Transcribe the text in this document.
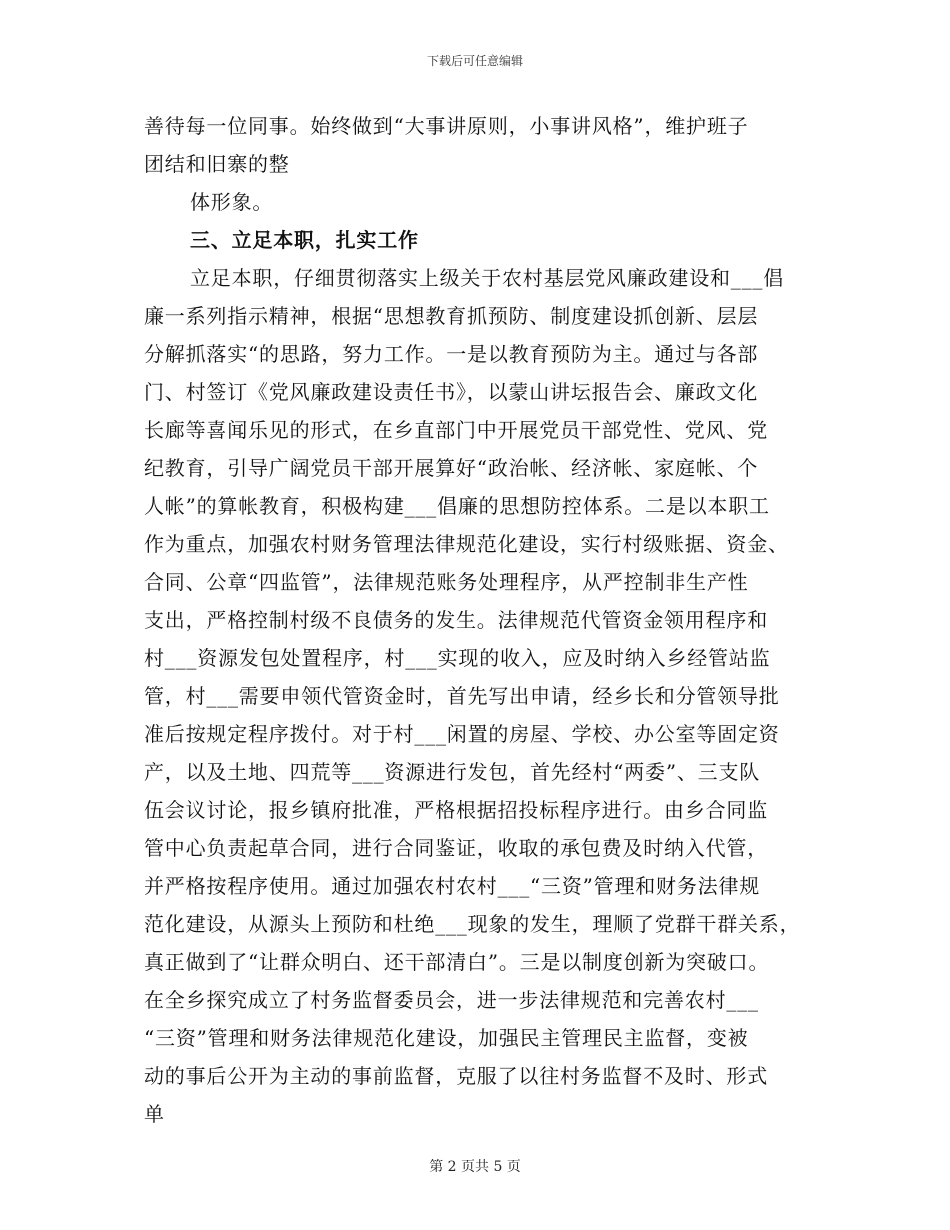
下载后可任意编辑
善待每一位同事。始终做到“大事讲原则，小事讲风格”，维护班子
团结和旧寨的整
体形象。
三、立足本职，扎实工作
立足本职，仔细贯彻落实上级关于农村基层党风廉政建设和___倡
廉一系列指示精神，根据“思想教育抓预防、制度建设抓创新、层层
分解抓落实“的思路，努力工作。一是以教育预防为主。通过与各部
门、村签订《党风廉政建设责任书》，以蒙山讲坛报告会、廉政文化
长廊等喜闻乐见的形式，在乡直部门中开展党员干部党性、党风、党
纪教育，引导广阔党员干部开展算好“政治帐、经济帐、家庭帐、个
人帐”的算帐教育，积极构建___倡廉的思想防控体系。二是以本职工
作为重点，加强农村财务管理法律规范化建设，实行村级账据、资金、
合同、公章“四监管”，法律规范账务处理程序，从严控制非生产性
支出，严格控制村级不良债务的发生。法律规范代管资金领用程序和
村___资源发包处置程序，村___实现的收入，应及时纳入乡经管站监
管，村___需要申领代管资金时，首先写出申请，经乡长和分管领导批
准后按规定程序拨付。对于村___闲置的房屋、学校、办公室等固定资
产，以及土地、四荒等___资源进行发包，首先经村“两委”、三支队
伍会议讨论，报乡镇府批准，严格根据招投标程序进行。由乡合同监
管中心负责起草合同，进行合同鉴证，收取的承包费及时纳入代管，
并严格按程序使用。通过加强农村农村___“三资”管理和财务法律规
范化建设，从源头上预防和杜绝___现象的发生，理顺了党群干群关系，
真正做到了“让群众明白、还干部清白”。三是以制度创新为突破口。
在全乡探究成立了村务监督委员会，进一步法律规范和完善农村___
“三资”管理和财务法律规范化建设，加强民主管理民主监督，变被
动的事后公开为主动的事前监督，克服了以往村务监督不及时、形式
单
第 2 页共 5 页
